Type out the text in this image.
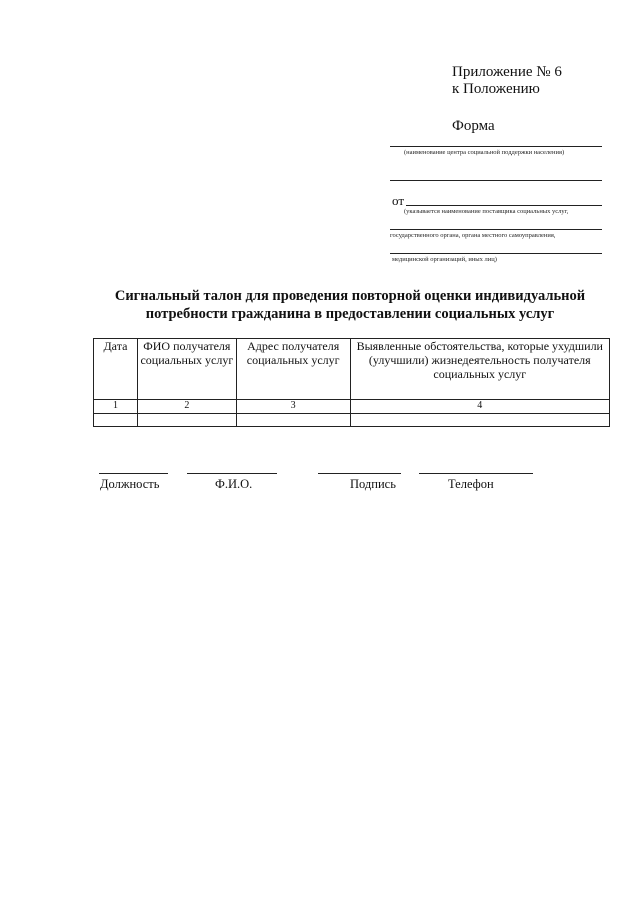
Приложение № 6
к Положению
Форма
(наименование центра социальной поддержки населения)
от
(указывается наименование поставщика социальных услуг,
государственного органа, органа местного самоуправления,
медицинской организаций, иных лиц)
Сигнальный талон для проведения повторной оценки индивидуальной
потребности гражданина в предоставлении социальных услуг
Дата	ФИО получателя социальных услуг	Адрес получателя социальных услуг	Выявленные обстоятельства, которые ухудшили (улучшили) жизнедеятельность получателя социальных услуг
1	2	3	4

Должность	Ф.И.О.	Подпись	Телефон
